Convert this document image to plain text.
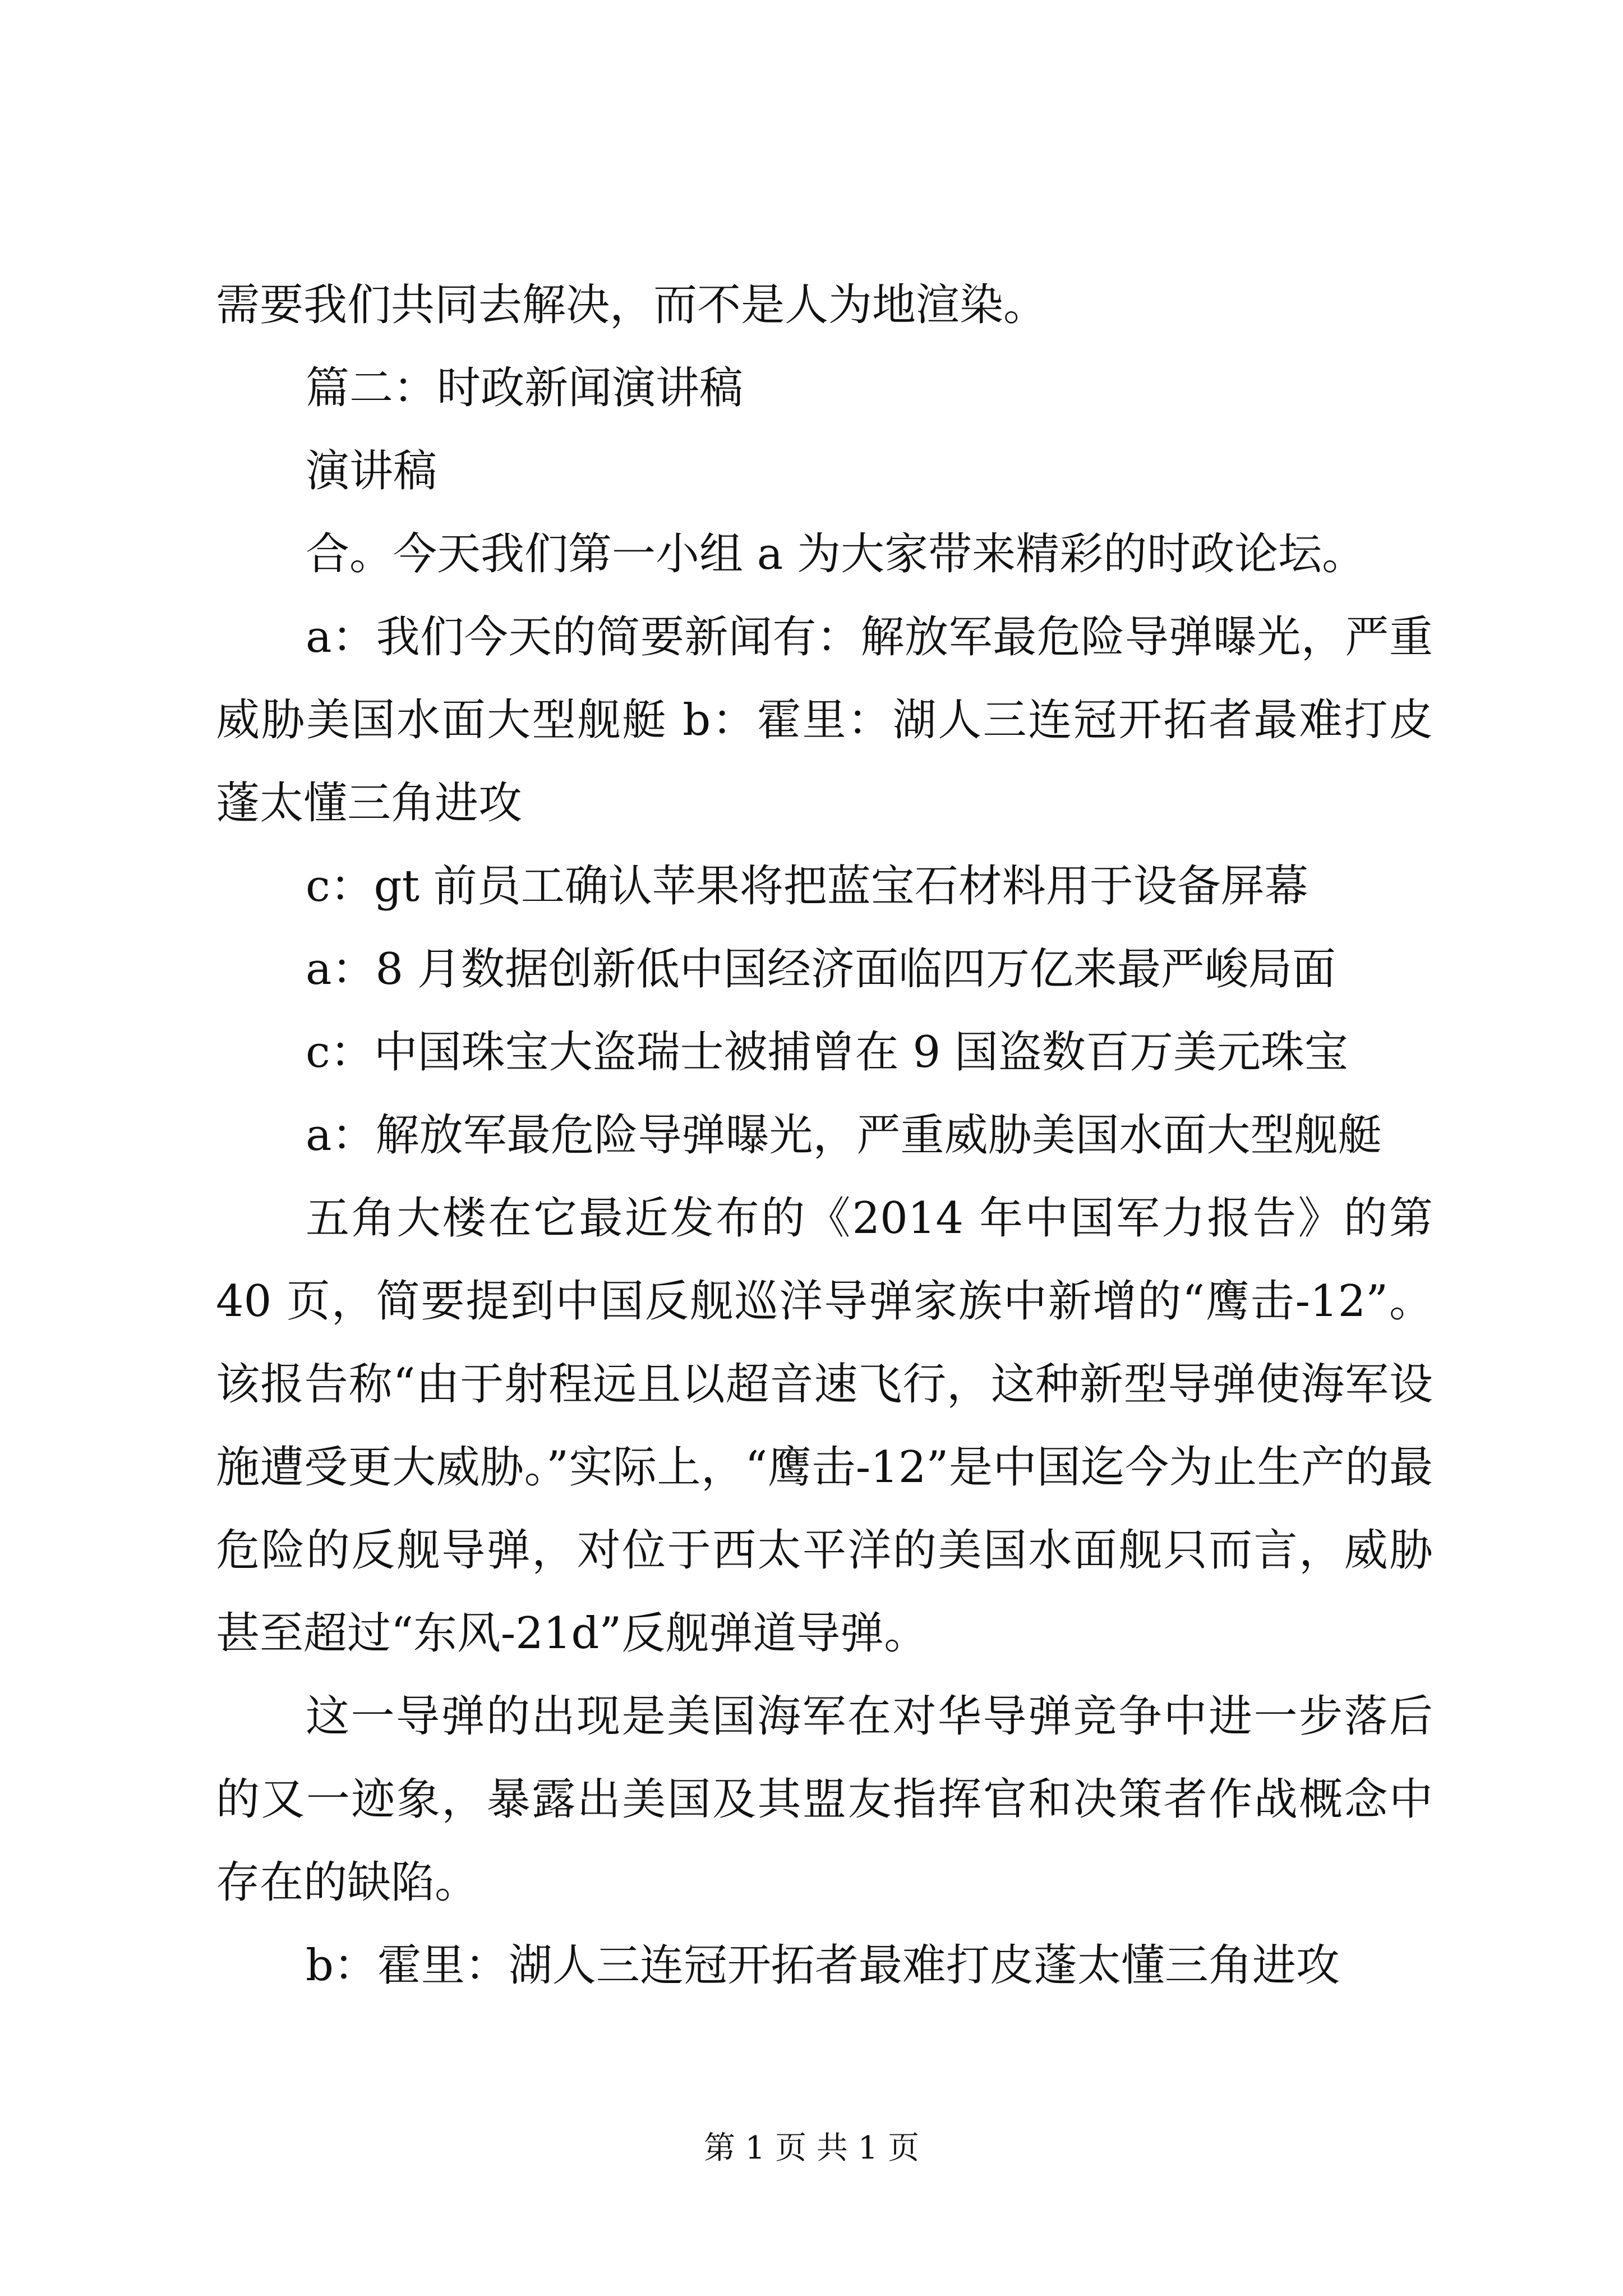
需要我们共同去解决，而不是人为地渲染。

篇二：时政新闻演讲稿

演讲稿

合。今天我们第一小组 a 为大家带来精彩的时政论坛。

a：我们今天的简要新闻有：解放军最危险导弹曝光，严重威胁美国水面大型舰艇 b：霍里：湖人三连冠开拓者最难打皮蓬太懂三角进攻

c：gt 前员工确认苹果将把蓝宝石材料用于设备屏幕

a：8 月数据创新低中国经济面临四万亿来最严峻局面

c：中国珠宝大盗瑞士被捕曾在 9 国盗数百万美元珠宝

a：解放军最危险导弹曝光，严重威胁美国水面大型舰艇

五角大楼在它最近发布的《2014 年中国军力报告》的第 40 页，简要提到中国反舰巡洋导弹家族中新增的“鹰击-12”。该报告称“由于射程远且以超音速飞行，这种新型导弹使海军设施遭受更大威胁。”实际上，“鹰击-12”是中国迄今为止生产的最危险的反舰导弹，对位于西太平洋的美国水面舰只而言，威胁甚至超过“东风-21d”反舰弹道导弹。

这一导弹的出现是美国海军在对华导弹竞争中进一步落后的又一迹象，暴露出美国及其盟友指挥官和决策者作战概念中存在的缺陷。

b：霍里：湖人三连冠开拓者最难打皮蓬太懂三角进攻

第 1 页 共 1 页
